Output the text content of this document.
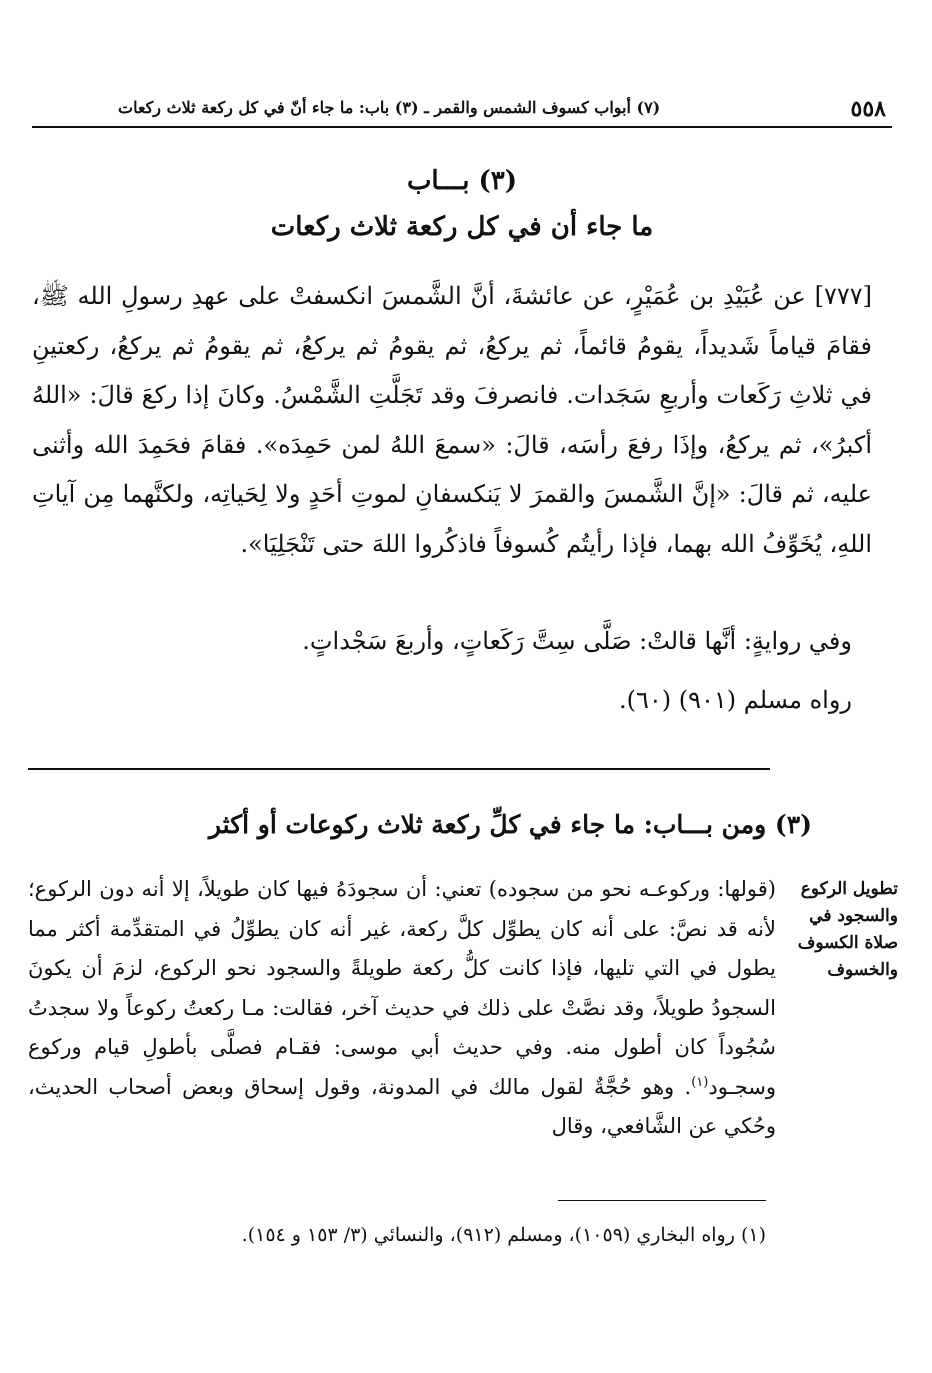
٥٥٨
(٧) أبواب كسوف الشمس والقمر ـ (٣) باب: ما جاء أنّ في كل ركعة ثلاث ركعات
(٣) بـــاب
ما جاء أن في كل ركعة ثلاث ركعات

[٧٧٧] عن عُبَيْدِ بن عُمَيْرٍ، عن عائشةَ، أنَّ الشَّمسَ انكسفتْ على عهدِ رسولِ الله ﷺ، فقامَ قياماً شَديداً، يقومُ قائماً، ثم يركعُ، ثم يقومُ ثم يركعُ، ثم يقومُ ثم يركعُ، ركعتينِ في ثلاثِ رَكَعات وأربعِ سَجَدات. فانصرفَ وقد تَجَلَّتِ الشَّمْسُ. وكانَ إذا ركعَ قالَ: «اللهُ أكبرُ»، ثم يركعُ، وإذَا رفعَ رأسَه، قالَ: «سمعَ اللهُ لمن حَمِدَه». فقامَ فحَمِدَ الله وأثنى عليه، ثم قالَ: «إنَّ الشَّمسَ والقمرَ لا يَنكسفانِ لموتِ أحَدٍ ولا لِحَياتِه، ولكنَّهما مِن آياتِ اللهِ، يُخَوِّفُ الله بهما، فإذا رأيتُم كُسوفاً فاذكُروا اللهَ حتى تَنْجَلِيَا».

وفي روايةٍ: أنَّها قالتْ: صَلَّى سِتَّ رَكَعاتٍ، وأربعَ سَجْداتٍ.
رواه مسلم (٩٠١) (٦٠).
(٣) ومن بـــاب: ما جاء في كلِّ ركعة ثلاث ركوعات أو أكثر
تطويل الركوع والسجود في صلاة الكسوف والخسوف

(قولها: وركوعـه نحو من سجوده) تعني: أن سجودَهُ فيها كان طويلاً، إلا أنه دون الركوع؛ لأنه قد نصَّ: على أنه كان يطوِّل كلَّ ركعة، غير أنه كان يطوِّلُ في المتقدِّمة أكثر مما يطول في التي تليها، فإذا كانت كلُّ ركعة طويلةً والسجود نحو الركوع، لزمَ أن يكونَ السجودُ طويلاً، وقد نصَّتْ على ذلك في حديث آخر، فقالت: مـا ركعتُ ركوعاً ولا سجدتُ سُجُوداً كان أطول منه. وفي حديث أبي موسى: فقـام فصلَّى بأطولِ قيام وركوع وسجـود$^{(١)}$. وهو حُجَّةٌ لقول مالك في المدونة، وقول إسحاق وبعض أصحاب الحديث، وحُكي عن الشَّافعي، وقال

(١) رواه البخاري (١٠٥٩)، ومسلم (٩١٢)، والنسائي (٣/ ١٥٣ و ١٥٤).
